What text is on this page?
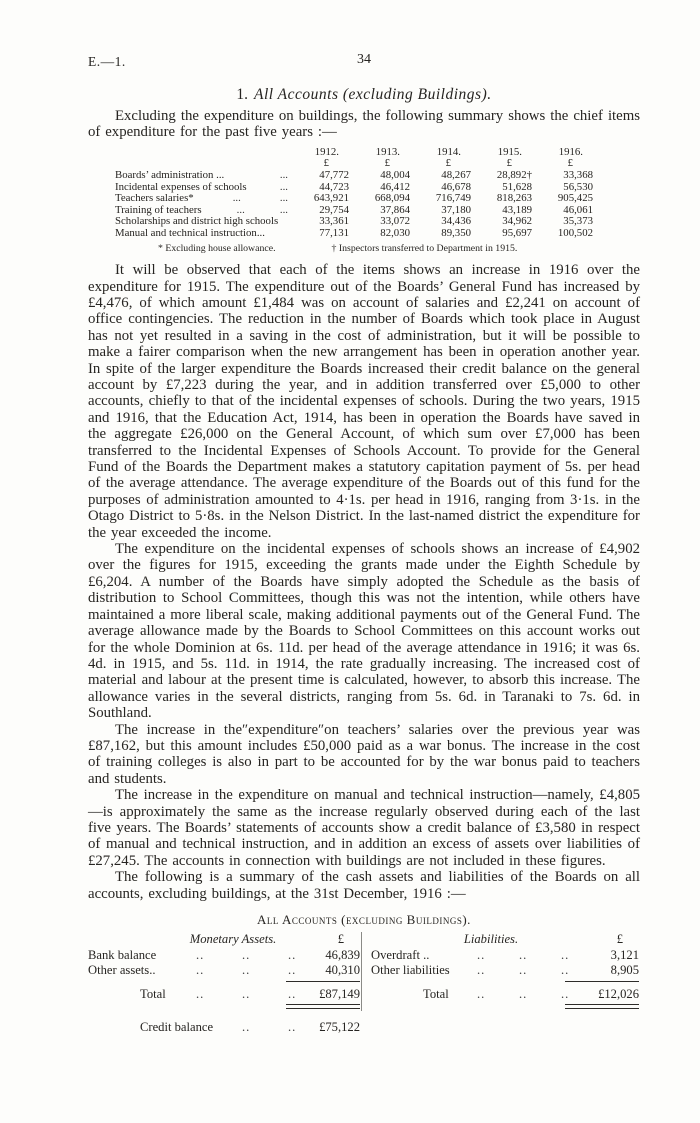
E.—1.	34
1. All Accounts (excluding Buildings).

Excluding the expenditure on buildings, the following summary shows the chief items of expenditure for the past five years :—

1912.	1913.	1914.	1915.	1916.
£	£	£	£	£
Boards’ administration ...	...	47,772	48,004	48,267	28,892†	33,368
Incidental expenses of schools	...	44,723	46,412	46,678	51,628	56,530
Teachers salaries*	...	...	643,921	668,094	716,749	818,263	905,425
Training of teachers	...	...	29,754	37,864	37,180	43,189	46,061
Scholarships and district high schools	33,361	33,072	34,436	34,962	35,373
Manual and technical instruction...	77,131	82,030	89,350	95,697	100,502
* Excluding house allowance.	† Inspectors transferred to Department in 1915.

It will be observed that each of the items shows an increase in 1916 over the expenditure for 1915. The expenditure out of the Boards’ General Fund has increased by £4,476, of which amount £1,484 was on account of salaries and £2,241 on account of office contingencies. The reduction in the number of Boards which took place in August has not yet resulted in a saving in the cost of administration, but it will be possible to make a fairer comparison when the new arrangement has been in operation another year. In spite of the larger expenditure the Boards increased their credit balance on the general account by £7,223 during the year, and in addition transferred over £5,000 to other accounts, chiefly to that of the incidental expenses of schools. During the two years, 1915 and 1916, that the Education Act, 1914, has been in operation the Boards have saved in the aggregate £26,000 on the General Account, of which sum over £7,000 has been transferred to the Incidental Expenses of Schools Account. To provide for the General Fund of the Boards the Department makes a statutory capitation payment of 5s. per head of the average attendance. The average expenditure of the Boards out of this fund for the purposes of administration amounted to 4·1s. per head in 1916, ranging from 3·1s. in the Otago District to 5·8s. in the Nelson District. In the last-named district the expenditure for the year exceeded the income.

The expenditure on the incidental expenses of schools shows an increase of £4,902 over the figures for 1915, exceeding the grants made under the Eighth Schedule by £6,204. A number of the Boards have simply adopted the Schedule as the basis of distribution to School Committees, though this was not the intention, while others have maintained a more liberal scale, making additional payments out of the General Fund. The average allowance made by the Boards to School Committees on this account works out for the whole Dominion at 6s. 11d. per head of the average attendance in 1916; it was 6s. 4d. in 1915, and 5s. 11d. in 1914, the rate gradually increasing. The increased cost of material and labour at the present time is calculated, however, to absorb this increase. The allowance varies in the several districts, ranging from 5s. 6d. in Taranaki to 7s. 6d. in Southland.

The increase in the″expenditure″on teachers’ salaries over the previous year was £87,162, but this amount includes £50,000 paid as a war bonus. The increase in the cost of training colleges is also in part to be accounted for by the war bonus paid to teachers and students.

The increase in the expenditure on manual and technical instruction—namely, £4,805—is approximately the same as the increase regularly observed during each of the last five years. The Boards’ statements of accounts show a credit balance of £3,580 in respect of manual and technical instruction, and in addition an excess of assets over liabilities of £27,245. The accounts in connection with buildings are not included in these figures.

The following is a summary of the cash assets and liabilities of the Boards on all accounts, excluding buildings, at the 31st December, 1916 :—

All Accounts (excluding Buildings).
Monetary Assets.	£
Bank balance	..	..	..	46,839
Other assets..	..	..	..	40,310
Total	..	..	..	£87,149
Credit balance ..	..	£75,122
Liabilities.	£
Overdraft ..	..	..	..	3,121
Other liabilities	..	..	..	8,905
Total	..	..	..	£12,026
